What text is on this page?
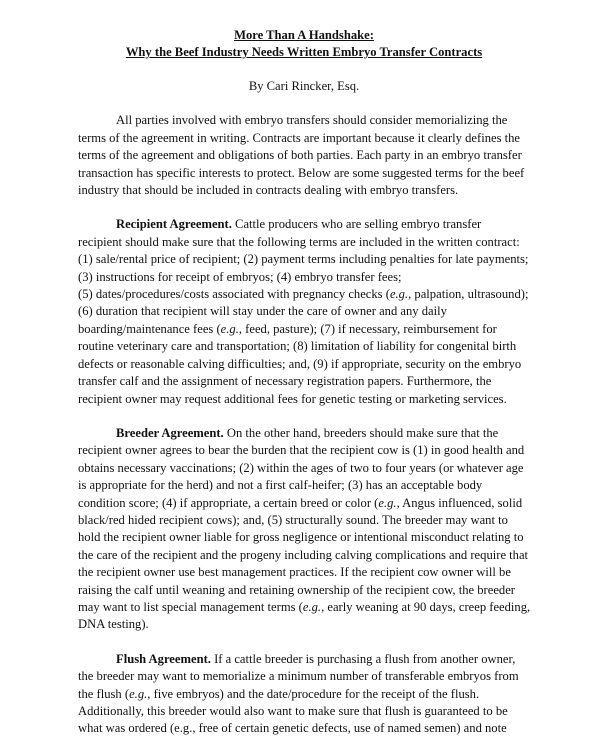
More Than A Handshake:
Why the Beef Industry Needs Written Embryo Transfer Contracts
By Cari Rincker, Esq.
All parties involved with embryo transfers should consider memorializing the
terms of the agreement in writing. Contracts are important because it clearly defines the
terms of the agreement and obligations of both parties. Each party in an embryo transfer
transaction has specific interests to protect. Below are some suggested terms for the beef
industry that should be included in contracts dealing with embryo transfers.
Recipient Agreement. Cattle producers who are selling embryo transfer
recipient should make sure that the following terms are included in the written contract:
(1) sale/rental price of recipient; (2) payment terms including penalties for late payments;
(3) instructions for receipt of embryos; (4) embryo transfer fees;
(5) dates/procedures/costs associated with pregnancy checks (e.g., palpation, ultrasound);
(6) duration that recipient will stay under the care of owner and any daily
boarding/maintenance fees (e.g., feed, pasture); (7) if necessary, reimbursement for
routine veterinary care and transportation; (8) limitation of liability for congenital birth
defects or reasonable calving difficulties; and, (9) if appropriate, security on the embryo
transfer calf and the assignment of necessary registration papers. Furthermore, the
recipient owner may request additional fees for genetic testing or marketing services.
Breeder Agreement. On the other hand, breeders should make sure that the
recipient owner agrees to bear the burden that the recipient cow is (1) in good health and
obtains necessary vaccinations; (2) within the ages of two to four years (or whatever age
is appropriate for the herd) and not a first calf-heifer; (3) has an acceptable body
condition score; (4) if appropriate, a certain breed or color (e.g., Angus influenced, solid
black/red hided recipient cows); and, (5) structurally sound. The breeder may want to
hold the recipient owner liable for gross negligence or intentional misconduct relating to
the care of the recipient and the progeny including calving complications and require that
the recipient owner use best management practices. If the recipient cow owner will be
raising the calf until weaning and retaining ownership of the recipient cow, the breeder
may want to list special management terms (e.g., early weaning at 90 days, creep feeding,
DNA testing).
Flush Agreement. If a cattle breeder is purchasing a flush from another owner,
the breeder may want to memorialize a minimum number of transferable embryos from
the flush (e.g., five embryos) and the date/procedure for the receipt of the flush.
Additionally, this breeder would also want to make sure that flush is guaranteed to be
what was ordered (e.g., free of certain genetic defects, use of named semen) and note
